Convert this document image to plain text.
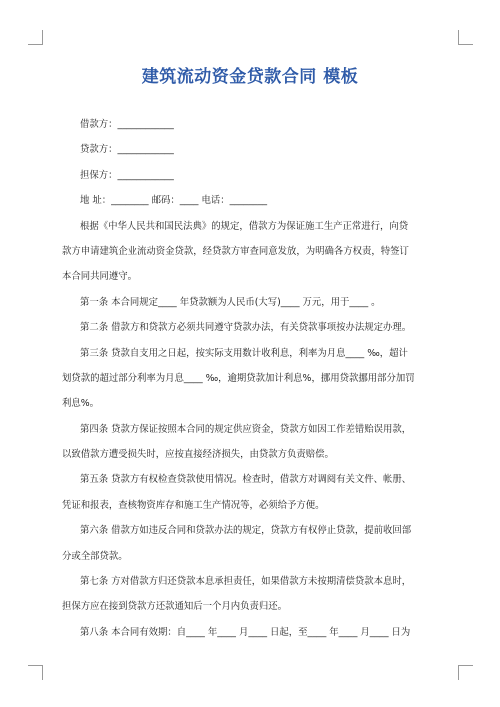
建筑流动资金贷款合同 模板
借款方：____________
贷款方：____________
担保方：____________
地 址：________ 邮码：____ 电话：________
根据《中华人民共和国民法典》的规定，借款方为保证施工生产正常进行，向贷
款方申请建筑企业流动资金贷款，经贷款方审查同意发放，为明确各方权责，特签订
本合同共同遵守。
第一条 本合同规定____ 年贷款额为人民币(大写)____ 万元，用于____ 。
第二条 借款方和贷款方必须共同遵守贷款办法，有关贷款事项按办法规定办理。
第三条 贷款自支用之日起，按实际支用数计收利息，利率为月息____ ‰，超计
划贷款的超过部分利率为月息____ ‰，逾期贷款加计利息%，挪用贷款挪用部分加罚
利息%。
第四条 贷款方保证按照本合同的规定供应资金，贷款方如因工作差错贻误用款，
以致借款方遭受损失时，应按直接经济损失，由贷款方负责赔偿。
第五条 贷款方有权检查贷款使用情况。检查时，借款方对调阅有关文件、帐册、
凭证和报表，查核物资库存和施工生产情况等，必须给予方便。
第六条 借款方如违反合同和贷款办法的规定，贷款方有权停止贷款，提前收回部
分或全部贷款。
第七条 方对借款方归还贷款本息承担责任，如果借款方未按期清偿贷款本息时，
担保方应在接到贷款方还款通知后一个月内负责归还。
第八条 本合同有效期：自____ 年____ 月____ 日起，至____ 年____ 月____ 日为
